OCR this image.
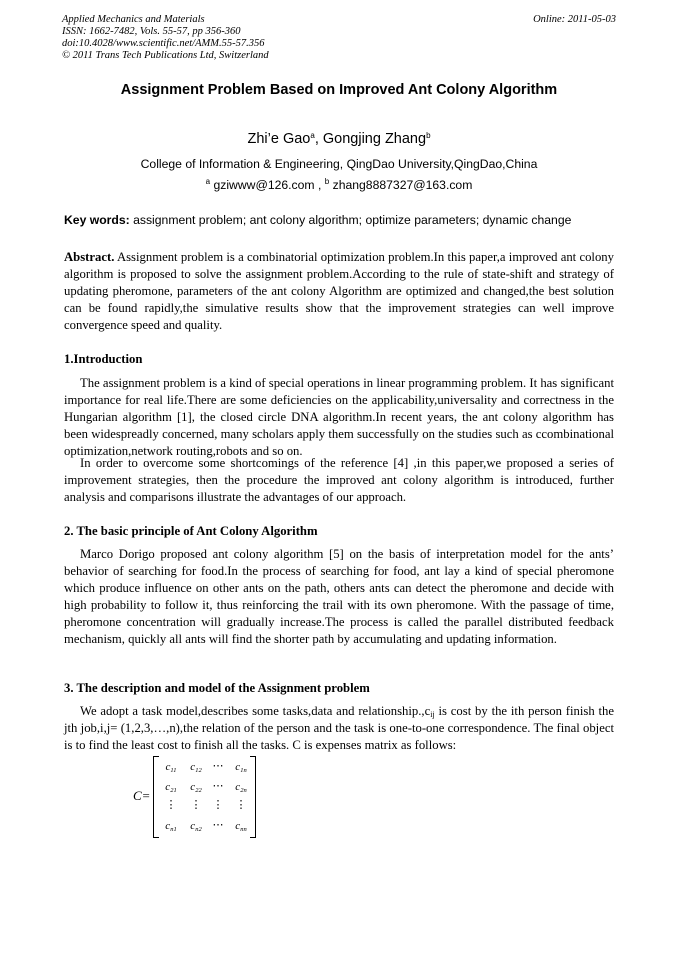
Applied Mechanics and Materials
ISSN: 1662-7482, Vols. 55-57, pp 356-360
doi:10.4028/www.scientific.net/AMM.55-57.356
© 2011 Trans Tech Publications Ltd, Switzerland
Online: 2011-05-03
Assignment Problem Based on Improved Ant Colony Algorithm
Zhi’e Gao$^a$, Gongjing Zhang$^b$
College of Information & Engineering, QingDao University,QingDao,China
$^a$ gziwww@126.com , $^b$ zhang8887327@163.com
Key words: assignment problem; ant colony algorithm; optimize parameters; dynamic change
Abstract. Assignment problem is a combinatorial optimization problem.In this paper,a improved ant colony algorithm is proposed to solve the assignment problem.According to the rule of state-shift and strategy of updating pheromone, parameters of the ant colony Algorithm are optimized and changed,the best solution can be found rapidly,the simulative results show that the improvement strategies can well improve convergence speed and quality.
1.Introduction
The assignment problem is a kind of special operations in linear programming problem. It has significant importance for real life.There are some deficiencies on the applicability,universality and correctness in the Hungarian algorithm [1], the closed circle DNA algorithm.In recent years, the ant colony algorithm has been widespreadly concerned, many scholars apply them successfully on the studies such as ccombinational optimization,network routing,robots and so on.
In order to overcome some shortcomings of the reference [4] ,in this paper,we proposed a series of improvement strategies, then the procedure the improved ant colony algorithm is introduced, further analysis and comparisons illustrate the advantages of our approach.
2. The basic principle of Ant Colony Algorithm
Marco Dorigo proposed ant colony algorithm [5] on the basis of interpretation model for the ants’ behavior of searching for food.In the process of searching for food, ant lay a kind of special pheromone which produce influence on other ants on the path, others ants can detect the pheromone and decide with high probability to follow it, thus reinforcing the trail with its own pheromone. With the passage of time, pheromone concentration will gradually increase.The process is called the parallel distributed feedback mechanism, quickly all ants will find the shorter path by accumulating and updating information.
3. The description and model of the Assignment problem
We adopt a task model,describes some tasks,data and $relationship.,c_{ij}$ is cost by the ith person finish the jth job,i,j= (1,2,3,…,n),the relation of the person and the task is one-to-one correspondence. The final object is to find the least cost to finish all the tasks. C is expenses matrix as follows:
C=
$c_{11}$	$c_{12}$ ⋯	$c_{1n}$
$c_{21}$	$c_{22}$ ⋯	$c_{2n}$
⋮	⋮	⋮	⋮
$c_{n1}$	$c_{n2}$ ⋯	$c_{nn}$
